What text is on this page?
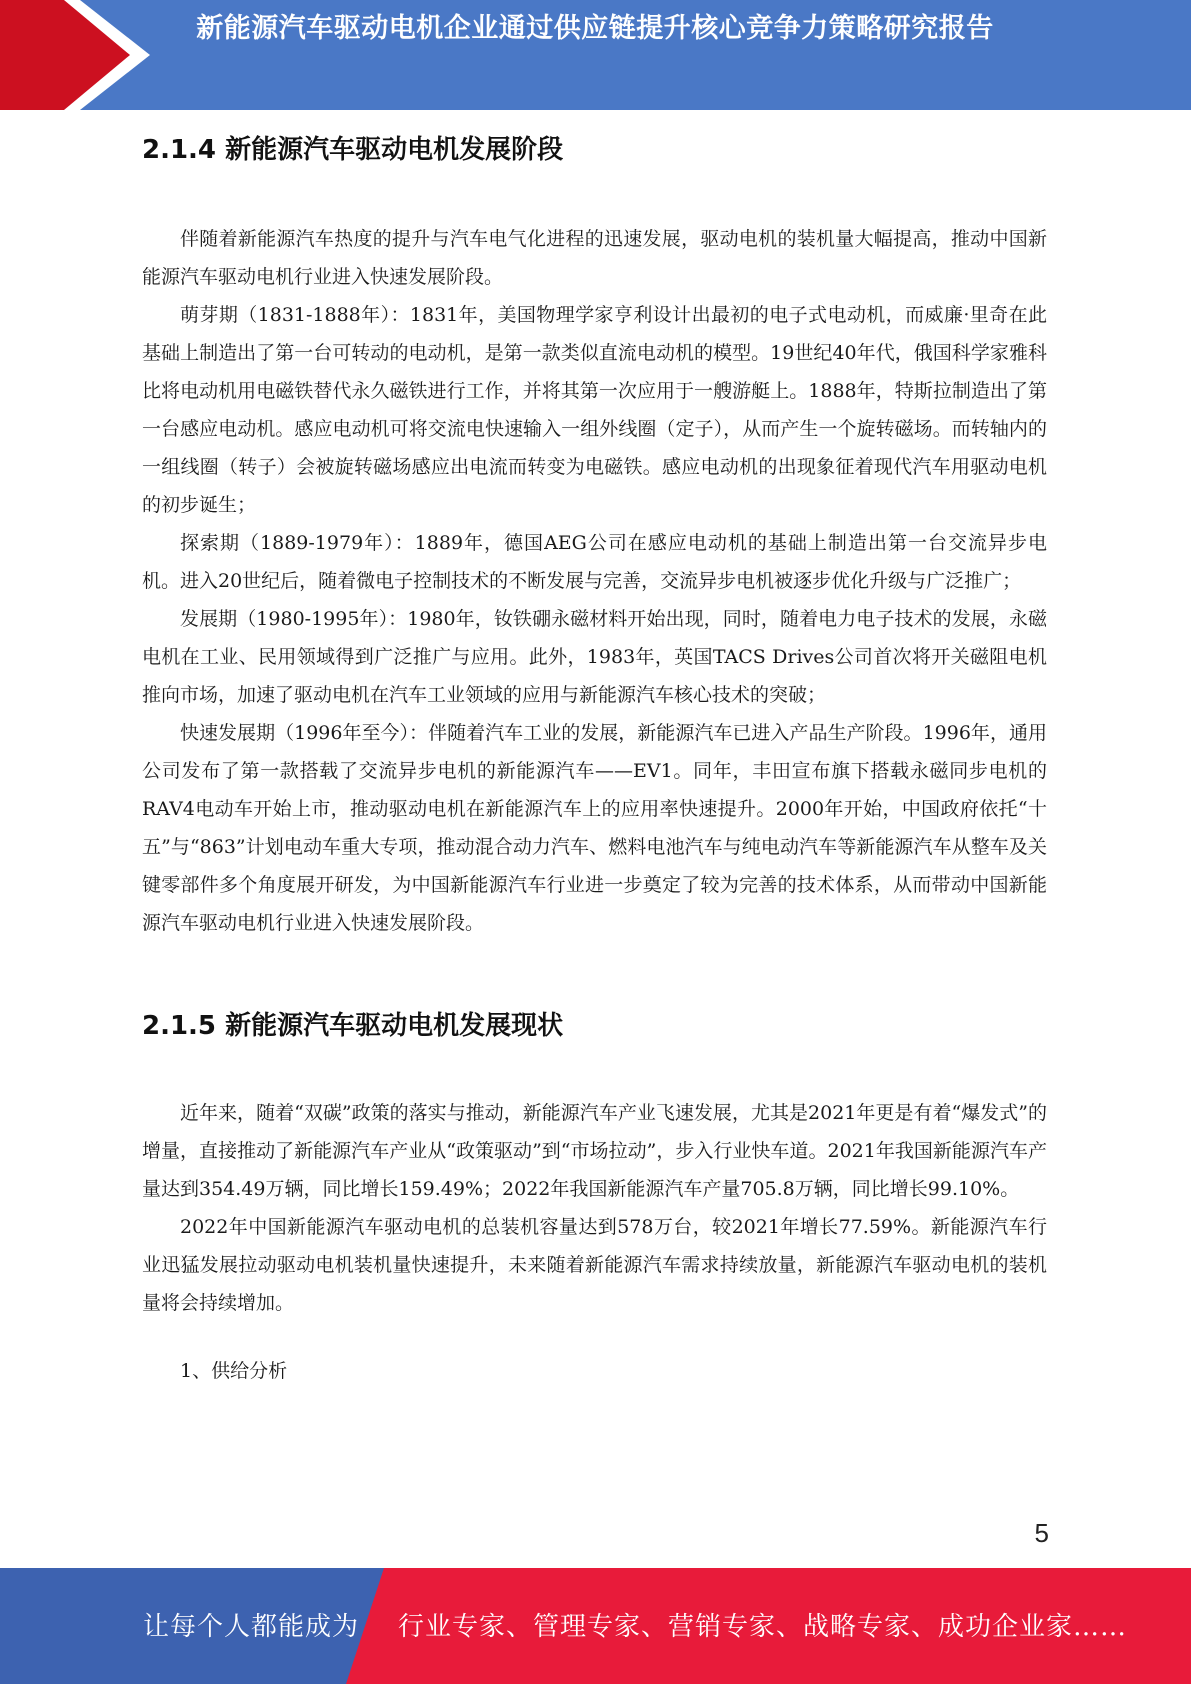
新能源汽车驱动电机企业通过供应链提升核心竞争力策略研究报告
2.1.4 新能源汽车驱动电机发展阶段

伴随着新能源汽车热度的提升与汽车电气化进程的迅速发展，驱动电机的装机量大幅提高，推动中国新能源汽车驱动电机行业进入快速发展阶段。

萌芽期（1831-1888年）：1831年，美国物理学家亨利设计出最初的电子式电动机，而威廉·里奇在此基础上制造出了第一台可转动的电动机，是第一款类似直流电动机的模型。19世纪40年代，俄国科学家雅科比将电动机用电磁铁替代永久磁铁进行工作，并将其第一次应用于一艘游艇上。1888年，特斯拉制造出了第一台感应电动机。感应电动机可将交流电快速输入一组外线圈（定子），从而产生一个旋转磁场。而转轴内的一组线圈（转子）会被旋转磁场感应出电流而转变为电磁铁。感应电动机的出现象征着现代汽车用驱动电机的初步诞生；

探索期（1889-1979年）：1889年，德国AEG公司在感应电动机的基础上制造出第一台交流异步电机。进入20世纪后，随着微电子控制技术的不断发展与完善，交流异步电机被逐步优化升级与广泛推广；

发展期（1980-1995年）：1980年，钕铁硼永磁材料开始出现，同时，随着电力电子技术的发展，永磁电机在工业、民用领域得到广泛推广与应用。此外，1983年，英国TACS Drives公司首次将开关磁阻电机推向市场，加速了驱动电机在汽车工业领域的应用与新能源汽车核心技术的突破；

快速发展期（1996年至今）：伴随着汽车工业的发展，新能源汽车已进入产品生产阶段。1996年，通用公司发布了第一款搭载了交流异步电机的新能源汽车——EV1。同年，丰田宣布旗下搭载永磁同步电机的RAV4电动车开始上市，推动驱动电机在新能源汽车上的应用率快速提升。2000年开始，中国政府依托“十五”与“863”计划电动车重大专项，推动混合动力汽车、燃料电池汽车与纯电动汽车等新能源汽车从整车及关键零部件多个角度展开研发，为中国新能源汽车行业进一步奠定了较为完善的技术体系，从而带动中国新能源汽车驱动电机行业进入快速发展阶段。

2.1.5 新能源汽车驱动电机发展现状

近年来，随着“双碳”政策的落实与推动，新能源汽车产业飞速发展，尤其是2021年更是有着“爆发式”的增量，直接推动了新能源汽车产业从“政策驱动”到“市场拉动”，步入行业快车道。2021年我国新能源汽车产量达到354.49万辆，同比增长159.49%；2022年我国新能源汽车产量705.8万辆，同比增长99.10%。

2022年中国新能源汽车驱动电机的总装机容量达到578万台，较2021年增长77.59%。新能源汽车行业迅猛发展拉动驱动电机装机量快速提升，未来随着新能源汽车需求持续放量，新能源汽车驱动电机的装机量将会持续增加。

1、供给分析

5
让每个人都能成为 行业专家、管理专家、营销专家、战略专家、成功企业家……
